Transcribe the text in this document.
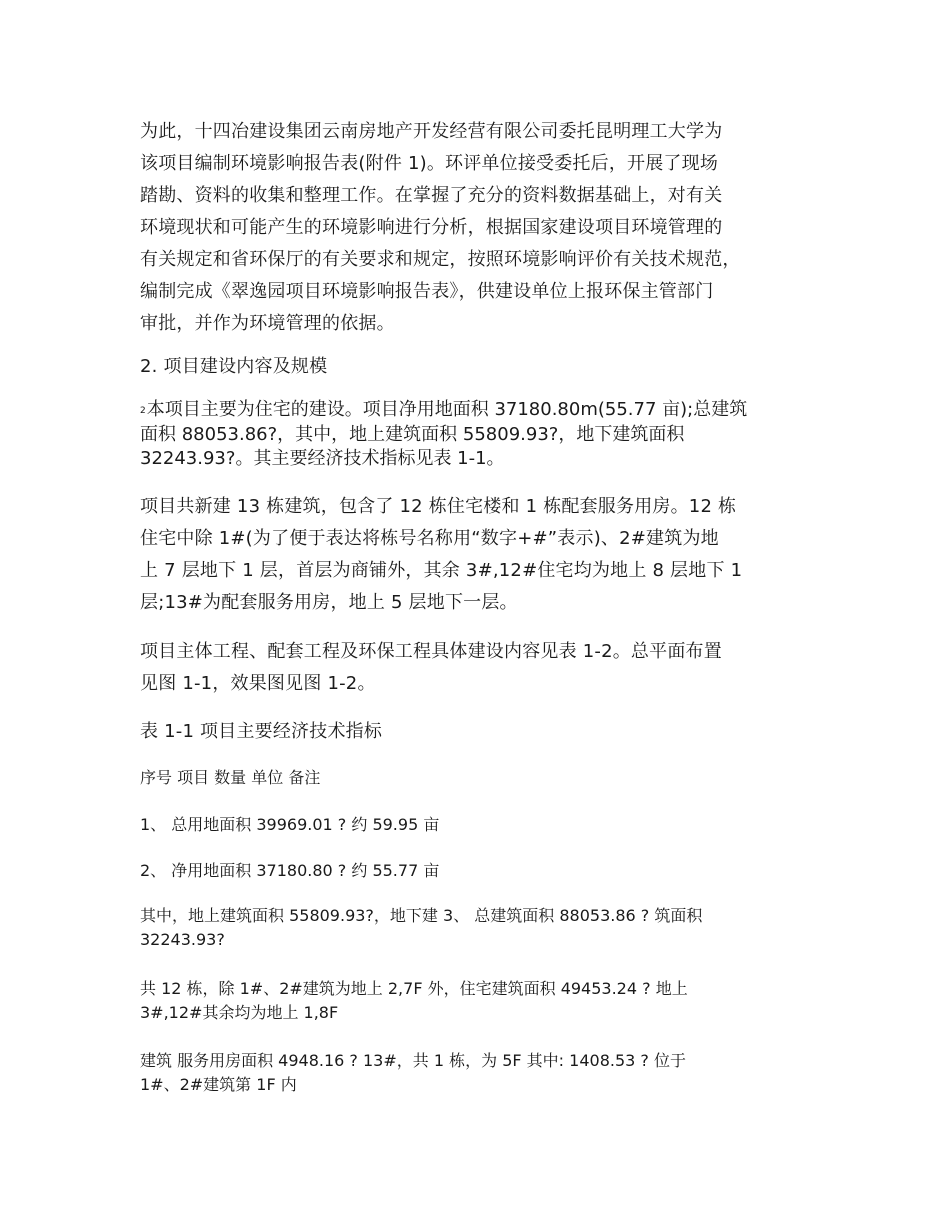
为此，十四冶建设集团云南房地产开发经营有限公司委托昆明理工大学为
该项目编制环境影响报告表(附件 1)。环评单位接受委托后，开展了现场
踏勘、资料的收集和整理工作。在掌握了充分的资料数据基础上，对有关
环境现状和可能产生的环境影响进行分析，根据国家建设项目环境管理的
有关规定和省环保厅的有关要求和规定，按照环境影响评价有关技术规范，
编制完成《翠逸园项目环境影响报告表》，供建设单位上报环保主管部门
审批，并作为环境管理的依据。

2. 项目建设内容及规模

2本项目主要为住宅的建设。项目净用地面积 37180.80m(55.77 亩);总建筑
面积 88053.86?，其中，地上建筑面积 55809.93?，地下建筑面积
32243.93?。其主要经济技术指标见表 1-1。

项目共新建 13 栋建筑，包含了 12 栋住宅楼和 1 栋配套服务用房。12 栋
住宅中除 1#(为了便于表达将栋号名称用“数字+#”表示)、2#建筑为地
上 7 层地下 1 层，首层为商铺外，其余 3#,12#住宅均为地上 8 层地下 1
层;13#为配套服务用房，地上 5 层地下一层。

项目主体工程、配套工程及环保工程具体建设内容见表 1-2。总平面布置
见图 1-1，效果图见图 1-2。

表 1-1 项目主要经济技术指标

序号 项目 数量 单位 备注

1、 总用地面积 39969.01 ? 约 59.95 亩

2、 净用地面积 37180.80 ? 约 55.77 亩

其中，地上建筑面积 55809.93?，地下建 3、 总建筑面积 88053.86 ? 筑面积
32243.93?

共 12 栋，除 1#、2#建筑为地上 2,7F 外，住宅建筑面积 49453.24 ? 地上
3#,12#其余均为地上 1,8F

建筑 服务用房面积 4948.16 ? 13#，共 1 栋，为 5F 其中: 1408.53 ? 位于
1#、2#建筑第 1F 内
